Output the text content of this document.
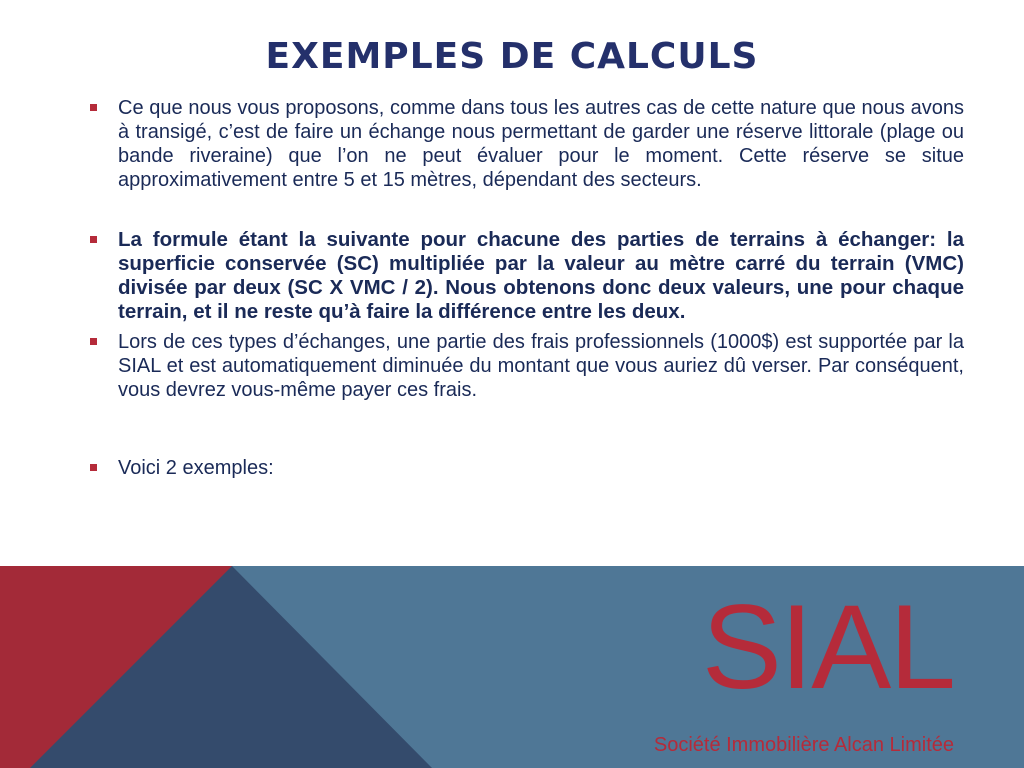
EXEMPLES DE CALCULS
Ce que nous vous proposons, comme dans tous les autres cas de cette nature que nous avons à transigé, c’est de faire un échange nous permettant de garder une réserve littorale (plage ou bande riveraine) que l’on ne peut évaluer pour le moment. Cette réserve se situe approximativement entre 5 et 15 mètres, dépendant des secteurs.
La formule étant la suivante pour chacune des parties de terrains à échanger: la superficie conservée (SC) multipliée par la valeur au mètre carré du terrain (VMC) divisée par deux (SC X VMC / 2). Nous obtenons donc deux valeurs, une pour chaque terrain, et il ne reste qu’à faire la différence entre les deux.
Lors de ces types d’échanges, une partie des frais professionnels (1000$) est supportée par la SIAL et est automatiquement diminuée du montant que vous auriez dû verser. Par conséquent, vous devrez vous-même payer ces frais.
Voici 2 exemples:
SIAL
Société Immobilière Alcan Limitée
